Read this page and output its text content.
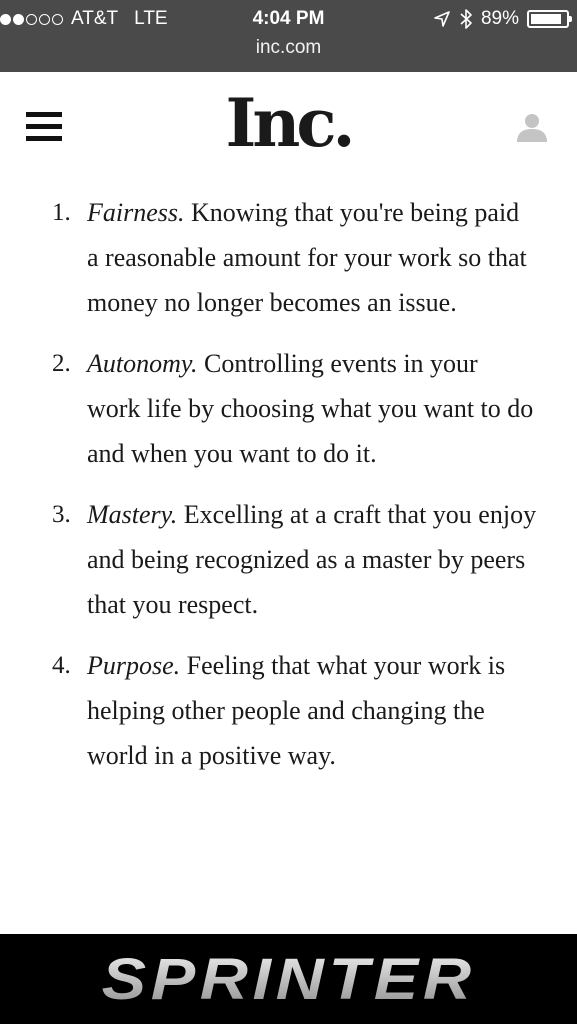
AT&T LTE	4:04 PM	89%
inc.com
Inc.
1. Fairness. Knowing that you're being paid a reasonable amount for your work so that money no longer becomes an issue.

2. Autonomy. Controlling events in your work life by choosing what you want to do and when you want to do it.

3. Mastery. Excelling at a craft that you enjoy and being recognized as a master by peers that you respect.

4. Purpose. Feeling that what your work is helping other people and changing the world in a positive way.

SPRINTER
